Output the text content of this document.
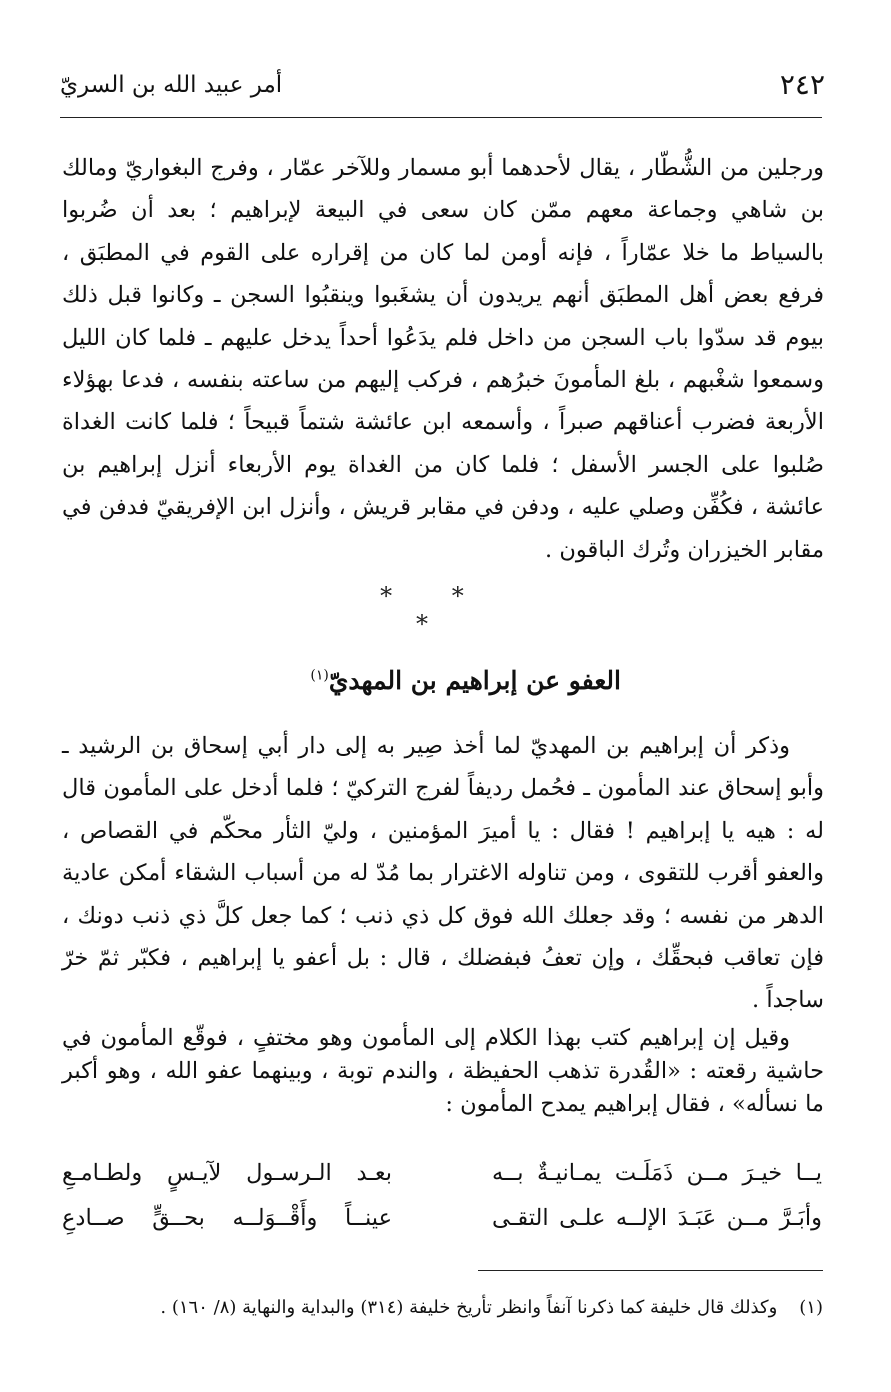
٢٤٢
أمر عبيد الله بن السريّ
ورجلين من الشُّطّار ، يقال لأحدهما أبو مسمار وللآخر عمّار ، وفرج البغواريّ ومالك بن شاهي وجماعة معهم ممّن كان سعى في البيعة لإبراهيم ؛ بعد أن ضُربوا بالسياط ما خلا عمّاراً ، فإنه أومن لما كان من إقراره على القوم في المطبَق ، فرفع بعض أهل المطبَق أنهم يريدون أن يشغَبوا وينقبُوا السجن ـ وكانوا قبل ذلك بيوم قد سدّوا باب السجن من داخل فلم يدَعُوا أحداً يدخل عليهم ـ فلما كان الليل وسمعوا شغْبهم ، بلغ المأمونَ خبرُهم ، فركب إليهم من ساعته بنفسه ، فدعا بهؤلاء الأربعة فضرب أعناقهم صبراً ، وأسمعه ابن عائشة شتماً قبيحاً ؛ فلما كانت الغداة صُلبوا على الجسر الأسفل ؛ فلما كان من الغداة يوم الأربعاء أنزل إبراهيم بن عائشة ، فكُفِّن وصلي عليه ، ودفن في مقابر قريش ، وأنزل ابن الإفريقيّ فدفن في مقابر الخيزران وتُرك الباقون .
* * *
العفو عن إبراهيم بن المهديّ$^{(١)}$
وذكر أن إبراهيم بن المهديّ لما أخذ صِير به إلى دار أبي إسحاق بن الرشيد ـ وأبو إسحاق عند المأمون ـ فحُمل رديفاً لفرج التركيّ ؛ فلما أدخل على المأمون قال له : هيه يا إبراهيم ! فقال : يا أميرَ المؤمنين ، وليّ الثأر محكّم في القصاص ، والعفو أقرب للتقوى ، ومن تناوله الاغترار بما مُدّ له من أسباب الشقاء أمكن عادية الدهر من نفسه ؛ وقد جعلك الله فوق كل ذي ذنب ؛ كما جعل كلَّ ذي ذنب دونك ، فإن تعاقب فبحقِّك ، وإن تعفُ فبفضلك ، قال : بل أعفو يا إبراهيم ، فكبّر ثمّ خرّ ساجداً .
وقيل إن إبراهيم كتب بهذا الكلام إلى المأمون وهو مختفٍ ، فوقّع المأمون في حاشية رقعته : «القُدرة تذهب الحفيظة ، والندم توبة ، وبينهما عفو الله ، وهو أكبر ما نسأله» ، فقال إبراهيم يمدح المأمون :
يــا خيـرَ مــن ذَمَلَـت يمـانيـةٌ بــه
بعـد الـرسـول لآيـسٍ ولطـامـعِ
وأبَـرَّ مــن عَبَـدَ الإلــه علـى التقـى
عينــاً وأَقْــوَلــه بحــقٍّ صــادعِ
(١)وكذلك قال خليفة كما ذكرنا آنفاً وانظر تأريخ خليفة (٣١٤) والبداية والنهاية (٨/ ١٦٠) .
